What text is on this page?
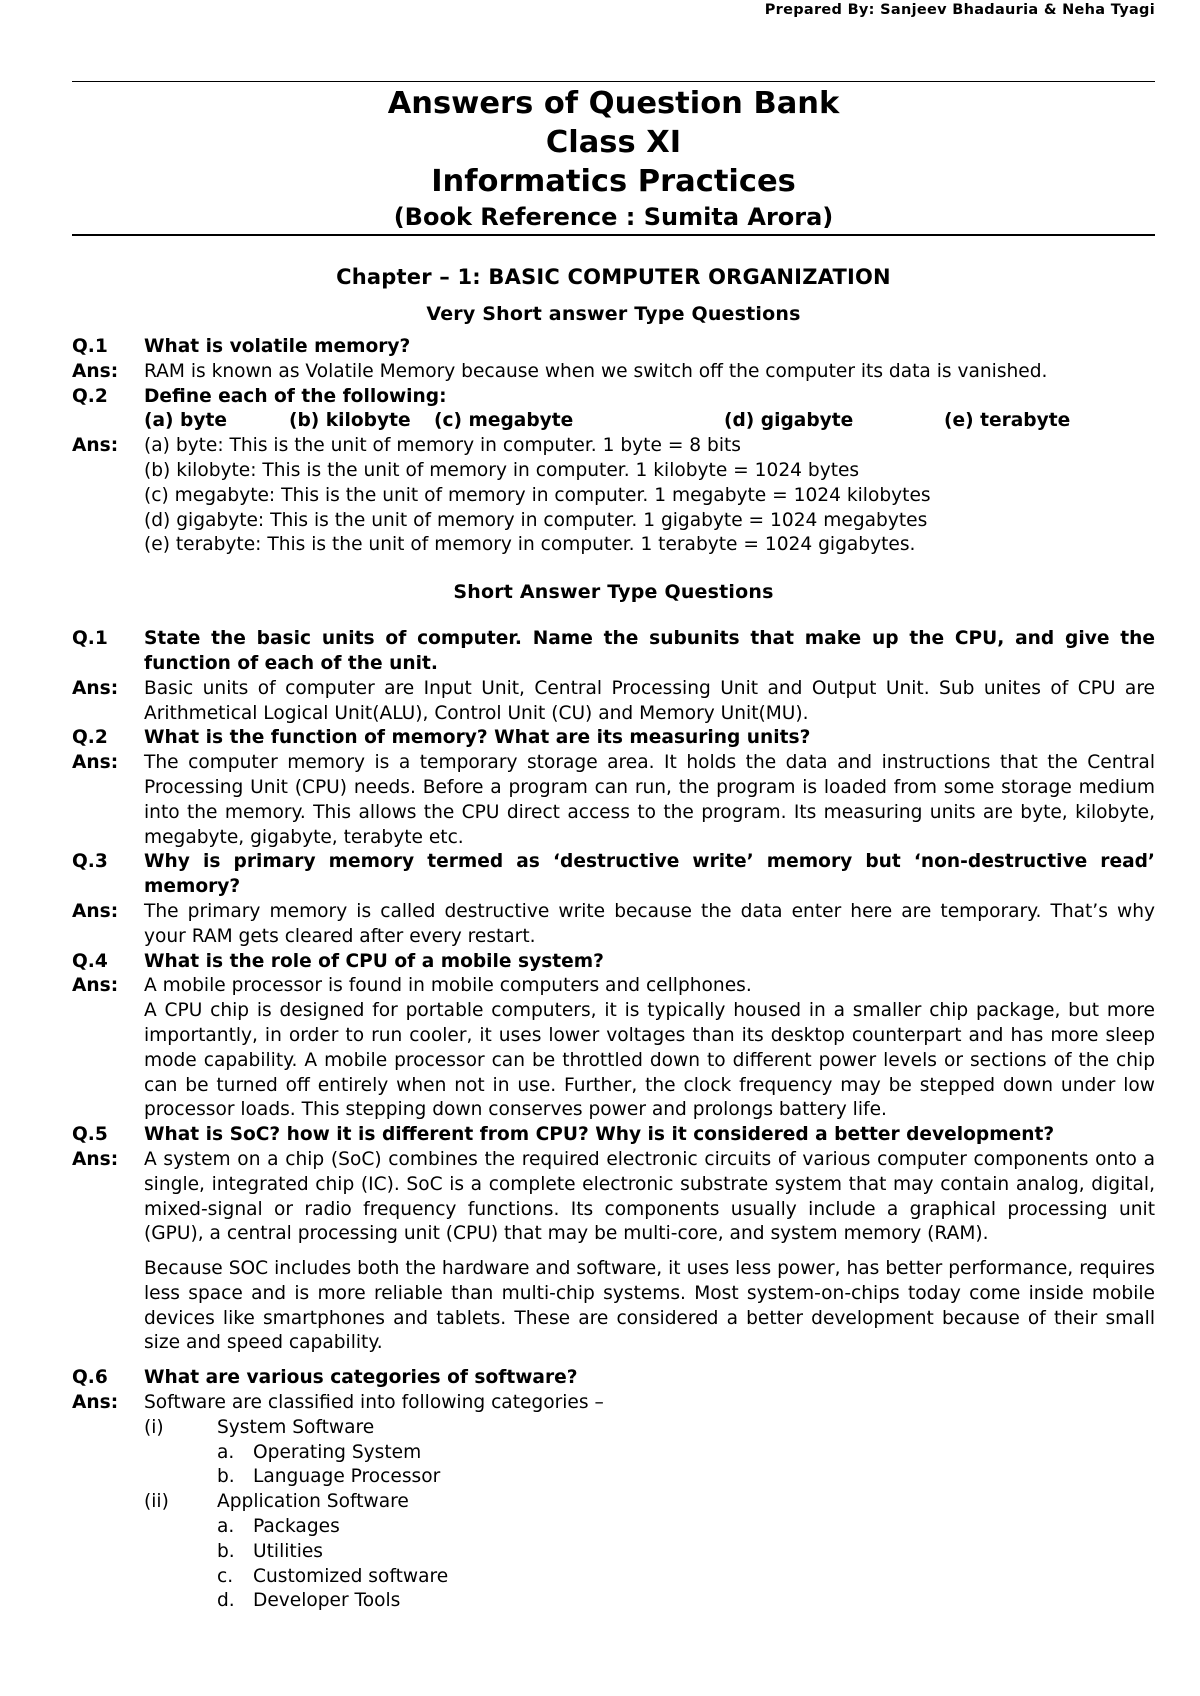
Prepared By: Sanjeev Bhadauria & Neha Tyagi
Answers of Question Bank
Class XI
Informatics Practices
(Book Reference : Sumita Arora)
Chapter – 1: BASIC COMPUTER ORGANIZATION
Very Short answer Type Questions
Q.1	What is volatile memory?
Ans:	RAM is known as Volatile Memory because when we switch off the computer its data is vanished.
Q.2	Define each of the following:
(a) byte	(b) kilobyte	(c) megabyte	(d) gigabyte	(e) terabyte
Ans:	(a) byte: This is the unit of memory in computer. 1 byte = 8 bits
(b) kilobyte: This is the unit of memory in computer. 1 kilobyte = 1024 bytes
(c) megabyte: This is the unit of memory in computer. 1 megabyte = 1024 kilobytes
(d) gigabyte: This is the unit of memory in computer. 1 gigabyte = 1024 megabytes
(e) terabyte: This is the unit of memory in computer. 1 terabyte = 1024 gigabytes.
Short Answer Type Questions
Q.1	State the basic units of computer. Name the subunits that make up the CPU, and give the function of each of the unit.
Ans:	Basic units of computer are Input Unit, Central Processing Unit and Output Unit. Sub unites of CPU are Arithmetical Logical Unit(ALU), Control Unit (CU) and Memory Unit(MU).
Q.2	What is the function of memory? What are its measuring units?
Ans:	The computer memory is a temporary storage area. It holds the data and instructions that the Central Processing Unit (CPU) needs. Before a program can run, the program is loaded from some storage medium into the memory. This allows the CPU direct access to the program. Its measuring units are byte, kilobyte, megabyte, gigabyte, terabyte etc.
Q.3	Why is primary memory termed as ‘destructive write’ memory but ‘non-destructive read’ memory?
Ans:	The primary memory is called destructive write because the data enter here are temporary. That’s why your RAM gets cleared after every restart.
Q.4	What is the role of CPU of a mobile system?
Ans:	A mobile processor is found in mobile computers and cellphones.
A CPU chip is designed for portable computers, it is typically housed in a smaller chip package, but more importantly, in order to run cooler, it uses lower voltages than its desktop counterpart and has more sleep mode capability. A mobile processor can be throttled down to different power levels or sections of the chip can be turned off entirely when not in use. Further, the clock frequency may be stepped down under low processor loads. This stepping down conserves power and prolongs battery life.
Q.5	What is SoC? how it is different from CPU? Why is it considered a better development?
Ans:	A system on a chip (SoC) combines the required electronic circuits of various computer components onto a single, integrated chip (IC). SoC is a complete electronic substrate system that may contain analog, digital, mixed-signal or radio frequency functions. Its components usually include a graphical processing unit (GPU), a central processing unit (CPU) that may be multi-core, and system memory (RAM).
Because SOC includes both the hardware and software, it uses less power, has better performance, requires less space and is more reliable than multi-chip systems. Most system-on-chips today come inside mobile devices like smartphones and tablets. These are considered a better development because of their small size and speed capability.
Q.6	What are various categories of software?
Ans:	Software are classified into following categories –
(i)	System Software
a.	Operating System
b. Language Processor
(ii)	Application Software
a.	Packages
b. Utilities
c.	Customized software
d. Developer Tools
